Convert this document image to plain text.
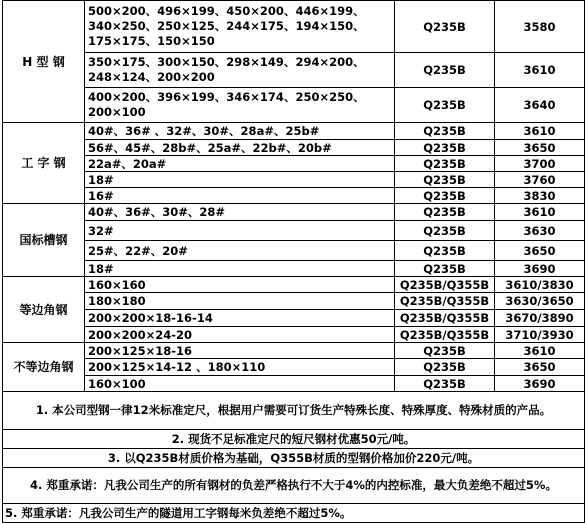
H 型 钢	500×200、496×199、450×200、446×199、340×250、250×125、244×175、194×150、175×175、150×150	Q235B	3580
	350×175、300×150、298×149、294×200、248×124、200×200	Q235B	3610
	400×200、396×199、346×174、250×250、200×100	Q235B	3640
工 字 钢	40#、36# 、32#、30#、28a#、25b#	Q235B	3610
	56#、45#、28b#、25a#、22b#、20b#	Q235B	3650
	22a#、20a#	Q235B	3700
	18#	Q235B	3760
	16#	Q235B	3830
国标槽钢	40#、36#、30#、28#	Q235B	3610
	32#	Q235B	3630
	25#、22#、20#	Q235B	3650
	18#	Q235B	3690
等边角钢	160×160	Q235B/Q355B	3610/3830
	180×180	Q235B/Q355B	3630/3650
	200×200×18-16-14	Q235B/Q355B	3670/3890
	200×200×24-20	Q235B/Q355B	3710/3930
不等边角钢	200×125×18-16	Q235B	3610
	200×125×14-12 、180×110	Q235B	3650
	160×100	Q235B	3690
1. 本公司型钢一律12米标准定尺，根据用户需要可订货生产特殊长度、特殊厚度、特殊材质的产品。			
2. 现货不足标准定尺的短尺钢材优惠50元/吨。			
3. 以Q235B材质价格为基础，Q355B材质的型钢价格加价220元/吨。			
4. 郑重承诺：凡我公司生产的所有钢材的负差严格执行不大于4%的内控标准，最大负差绝不超过5%。			
5. 郑重承诺：凡我公司生产的隧道用工字钢每米负差绝不超过5%。			
